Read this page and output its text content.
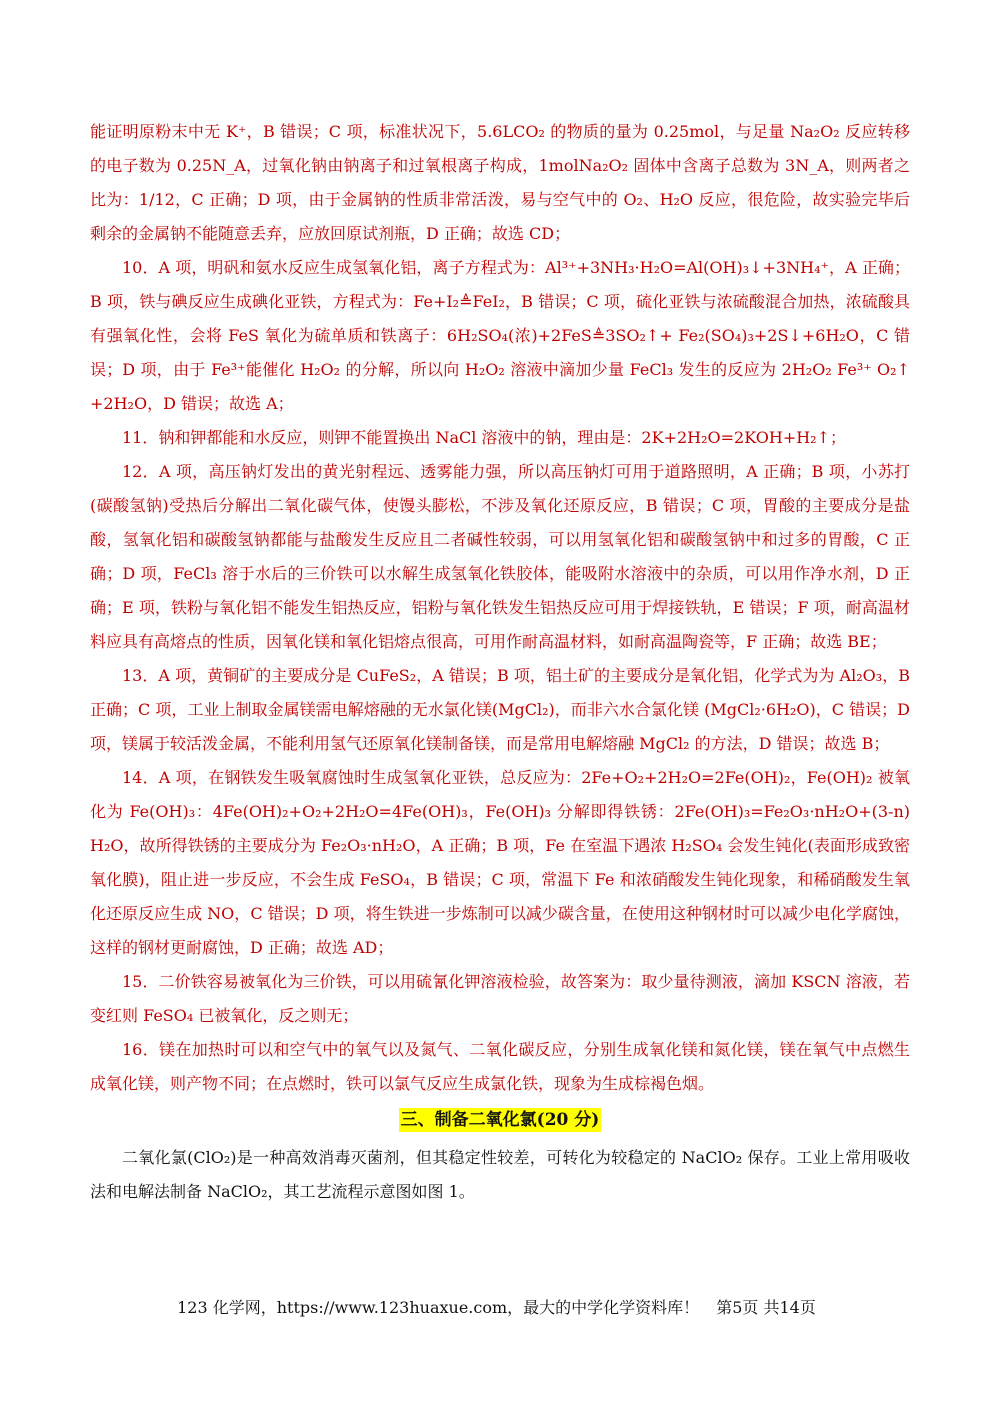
能证明原粉末中无 K⁺，B 错误；C 项，标准状况下，5.6LCO₂ 的物质的量为 0.25mol，与足量 Na₂O₂ 反应转移的电子数为 0.25N_A，过氧化钠由钠离子和过氧根离子构成，1molNa₂O₂ 固体中含离子总数为 3N_A，则两者之比为：1/12，C 正确；D 项，由于金属钠的性质非常活泼，易与空气中的 O₂、H₂O 反应，很危险，故实验完毕后剩余的金属钠不能随意丢弃，应放回原试剂瓶，D 正确；故选 CD；

10．A 项，明矾和氨水反应生成氢氧化铝，离子方程式为：Al³⁺+3NH₃·H₂O=Al(OH)₃↓+3NH₄⁺，A 正确；B 项，铁与碘反应生成碘化亚铁，方程式为：Fe+I₂≜FeI₂，B 错误；C 项，硫化亚铁与浓硫酸混合加热，浓硫酸具有强氧化性，会将 FeS 氧化为硫单质和铁离子：6H₂SO₄(浓)+2FeS≜3SO₂↑+ Fe₂(SO₄)₃+2S↓+6H₂O，C 错误；D 项，由于 Fe³⁺能催化 H₂O₂ 的分解，所以向 H₂O₂ 溶液中滴加少量 FeCl₃ 发生的反应为 2H₂O₂ Fe³⁺ O₂↑+2H₂O，D 错误；故选 A；

11．钠和钾都能和水反应，则钾不能置换出 NaCl 溶液中的钠，理由是：2K+2H₂O=2KOH+H₂↑；

12．A 项，高压钠灯发出的黄光射程远、透雾能力强，所以高压钠灯可用于道路照明，A 正确；B 项，小苏打(碳酸氢钠)受热后分解出二氧化碳气体，使馒头膨松，不涉及氧化还原反应，B 错误；C 项，胃酸的主要成分是盐酸，氢氧化铝和碳酸氢钠都能与盐酸发生反应且二者碱性较弱，可以用氢氧化铝和碳酸氢钠中和过多的胃酸，C 正确；D 项，FeCl₃ 溶于水后的三价铁可以水解生成氢氧化铁胶体，能吸附水溶液中的杂质，可以用作净水剂，D 正确；E 项，铁粉与氧化铝不能发生铝热反应，铝粉与氧化铁发生铝热反应可用于焊接铁轨，E 错误；F 项，耐高温材料应具有高熔点的性质，因氧化镁和氧化铝熔点很高，可用作耐高温材料，如耐高温陶瓷等，F 正确；故选 BE；

13．A 项，黄铜矿的主要成分是 CuFeS₂，A 错误；B 项，铝土矿的主要成分是氧化铝，化学式为为 Al₂O₃，B 正确；C 项，工业上制取金属镁需电解熔融的无水氯化镁(MgCl₂)，而非六水合氯化镁 (MgCl₂·6H₂O)，C 错误；D 项，镁属于较活泼金属，不能利用氢气还原氧化镁制备镁，而是常用电解熔融 MgCl₂ 的方法，D 错误；故选 B；

14．A 项，在钢铁发生吸氧腐蚀时生成氢氧化亚铁，总反应为：2Fe+O₂+2H₂O=2Fe(OH)₂，Fe(OH)₂ 被氧化为 Fe(OH)₃：4Fe(OH)₂+O₂+2H₂O=4Fe(OH)₃，Fe(OH)₃ 分解即得铁锈：2Fe(OH)₃=Fe₂O₃·nH₂O+(3-n)H₂O，故所得铁锈的主要成分为 Fe₂O₃·nH₂O，A 正确；B 项，Fe 在室温下遇浓 H₂SO₄ 会发生钝化(表面形成致密氧化膜)，阻止进一步反应，不会生成 FeSO₄，B 错误；C 项，常温下 Fe 和浓硝酸发生钝化现象，和稀硝酸发生氧化还原反应生成 NO，C 错误；D 项，将生铁进一步炼制可以减少碳含量，在使用这种钢材时可以减少电化学腐蚀，这样的钢材更耐腐蚀，D 正确；故选 AD；

15．二价铁容易被氧化为三价铁，可以用硫氰化钾溶液检验，故答案为：取少量待测液，滴加 KSCN 溶液，若变红则 FeSO₄ 已被氧化，反之则无；

16．镁在加热时可以和空气中的氧气以及氮气、二氧化碳反应，分别生成氧化镁和氮化镁，镁在氧气中点燃生成氧化镁，则产物不同；在点燃时，铁可以氯气反应生成氯化铁，现象为生成棕褐色烟。

三、制备二氧化氯(20 分)

二氧化氯(ClO₂)是一种高效消毒灭菌剂，但其稳定性较差，可转化为较稳定的 NaClO₂ 保存。工业上常用吸收法和电解法制备 NaClO₂，其工艺流程示意图如图 1。

123 化学网，https://www.123huaxue.com，最大的中学化学资料库！ 第5页 共14页
